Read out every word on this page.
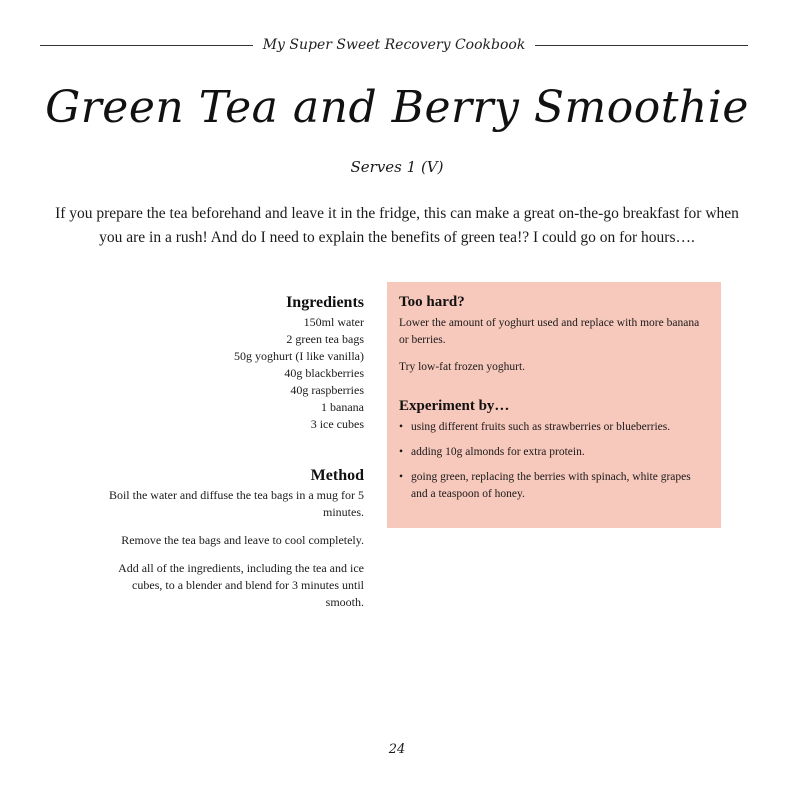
My Super Sweet Recovery Cookbook
Green Tea and Berry Smoothie
Serves 1 (V)
If you prepare the tea beforehand and leave it in the fridge, this can make a great on-the-go breakfast for when you are in a rush! And do I need to explain the benefits of green tea!? I could go on for hours….
Ingredients
150ml water
2 green tea bags
50g yoghurt (I like vanilla)
40g blackberries
40g raspberries
1 banana
3 ice cubes
Method

Boil the water and diffuse the tea bags in a mug for 5 minutes.

Remove the tea bags and leave to cool completely.

Add all of the ingredients, including the tea and ice cubes, to a blender and blend for 3 minutes until smooth.

Too hard?

Lower the amount of yoghurt used and replace with more banana or berries.

Try low-fat frozen yoghurt.

Experiment by…
• using different fruits such as strawberries or blueberries.
• adding 10g almonds for extra protein.
• going green, replacing the berries with spinach, white grapes and a teaspoon of honey.
24
